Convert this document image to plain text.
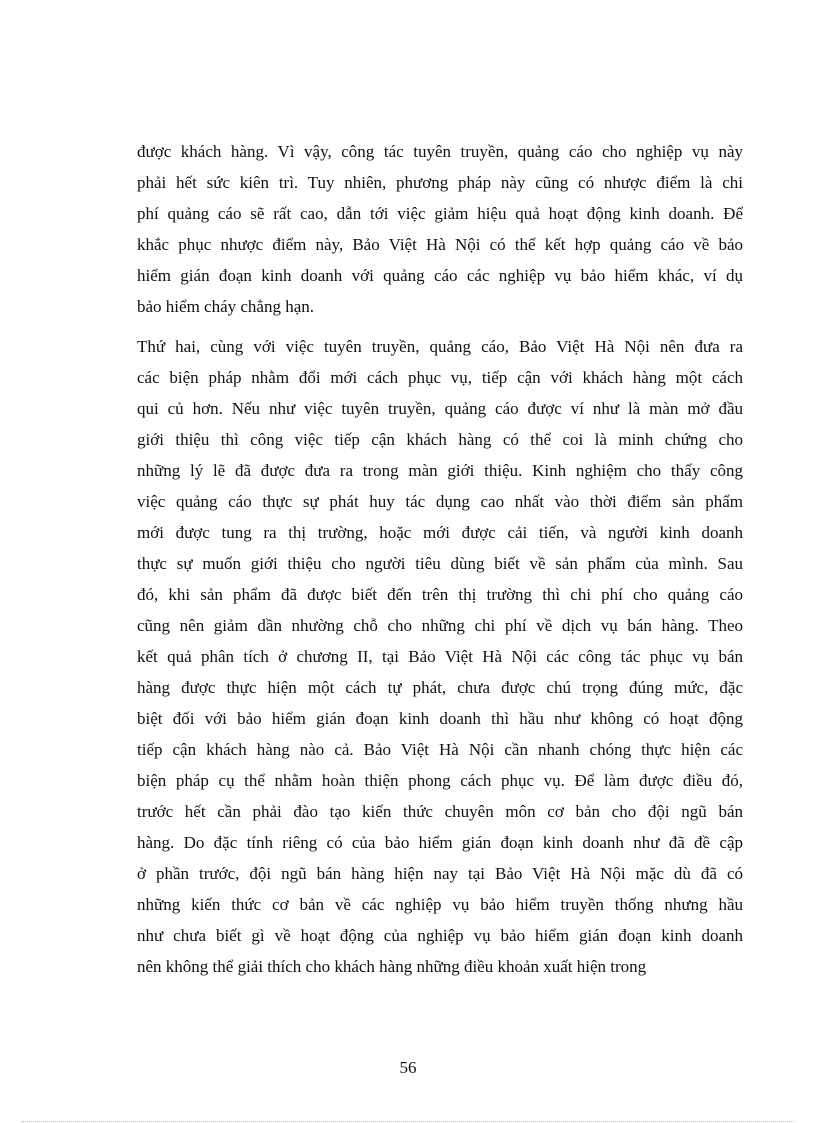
được khách hàng. Vì vậy, công tác tuyên truyền, quảng cáo cho nghiệp vụ này
phải hết sức kiên trì. Tuy nhiên, phương pháp này cũng có nhược điểm là chi
phí quảng cáo sẽ rất cao, dẫn tới việc giảm hiệu quả hoạt động kinh doanh. Để
khắc phục nhược điểm này, Bảo Việt Hà Nội có thể kết hợp quảng cáo về bảo
hiểm gián đoạn kinh doanh với quảng cáo các nghiệp vụ bảo hiểm khác, ví dụ
bảo hiểm cháy chẳng hạn.
Thứ hai, cùng với việc tuyên truyền, quảng cáo, Bảo Việt Hà Nội nên đưa ra
các biện pháp nhằm đổi mới cách phục vụ, tiếp cận với khách hàng một cách
qui củ hơn. Nếu như việc tuyên truyền, quảng cáo được ví như là màn mở đầu
giới thiệu thì công việc tiếp cận khách hàng có thể coi là minh chứng cho
những lý lẽ đã được đưa ra trong màn giới thiệu. Kinh nghiệm cho thấy công
việc quảng cáo thực sự phát huy tác dụng cao nhất vào thời điểm sản phẩm
mới được tung ra thị trường, hoặc mới được cải tiến, và người kinh doanh
thực sự muốn giới thiệu cho người tiêu dùng biết về sản phẩm của mình. Sau
đó, khi sản phẩm đã được biết đến trên thị trường thì chi phí cho quảng cáo
cũng nên giảm dần nhường chỗ cho những chi phí về dịch vụ bán hàng. Theo
kết quả phân tích ở chương II, tại Bảo Việt Hà Nội các công tác phục vụ bán
hàng được thực hiện một cách tự phát, chưa được chú trọng đúng mức, đặc
biệt đối với bảo hiểm gián đoạn kinh doanh thì hầu như không có hoạt động
tiếp cận khách hàng nào cả. Bảo Việt Hà Nội cần nhanh chóng thực hiện các
biện pháp cụ thể nhằm hoàn thiện phong cách phục vụ. Để làm được điều đó,
trước hết cần phải đào tạo kiến thức chuyên môn cơ bản cho đội ngũ bán
hàng. Do đặc tính riêng có của bảo hiểm gián đoạn kinh doanh như đã đề cập
ở phần trước, đội ngũ bán hàng hiện nay tại Bảo Việt Hà Nội mặc dù đã có
những kiến thức cơ bản về các nghiệp vụ bảo hiểm truyền thống nhưng hầu
như chưa biết gì về hoạt động của nghiệp vụ bảo hiểm gián đoạn kinh doanh
nên không thể giải thích cho khách hàng những điều khoản xuất hiện trong
56
